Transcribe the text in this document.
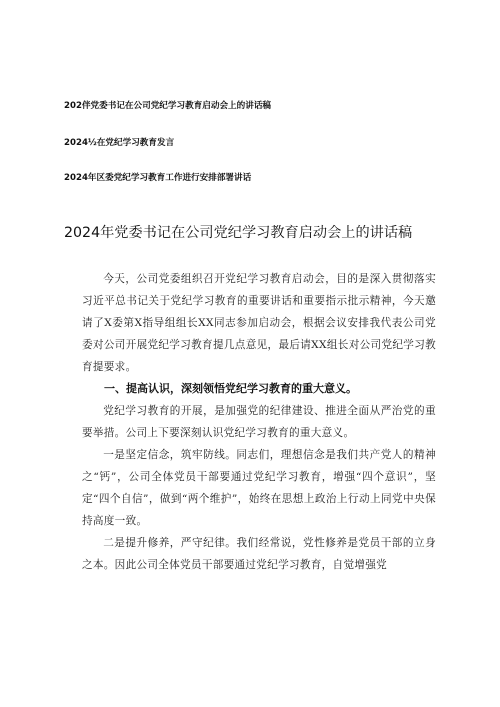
202伴党委书记在公司党纪学习教育启动会上的讲话稿
2024½在党纪学习教育发言
2024年区委党纪学习教育工作进行安排部署讲话
2024年党委书记在公司党纪学习教育启动会上的讲话稿

今天，公司党委组织召开党纪学习教育启动会，目的是深入贯彻落实习近平总书记关于党纪学习教育的重要讲话和重要指示批示精神，今天邀请了X委第X指导组组长XX同志参加启动会，根据会议安排我代表公司党委对公司开展党纪学习教育提几点意见，最后请XX组长对公司党纪学习教育提要求。

一、提高认识，深刻领悟党纪学习教育的重大意义。

党纪学习教育的开展，是加强党的纪律建设、推进全面从严治党的重要举措。公司上下要深刻认识党纪学习教育的重大意义。

一是坚定信念，筑牢防线。同志们，理想信念是我们共产党人的精神之“钙”，公司全体党员干部要通过党纪学习教育，增强“四个意识”，坚定“四个自信”，做到“两个维护”，始终在思想上政治上行动上同党中央保持高度一致。

二是提升修养，严守纪律。我们经常说，党性修养是党员干部的立身之本。因此公司全体党员干部要通过党纪学习教育，自觉增强党
